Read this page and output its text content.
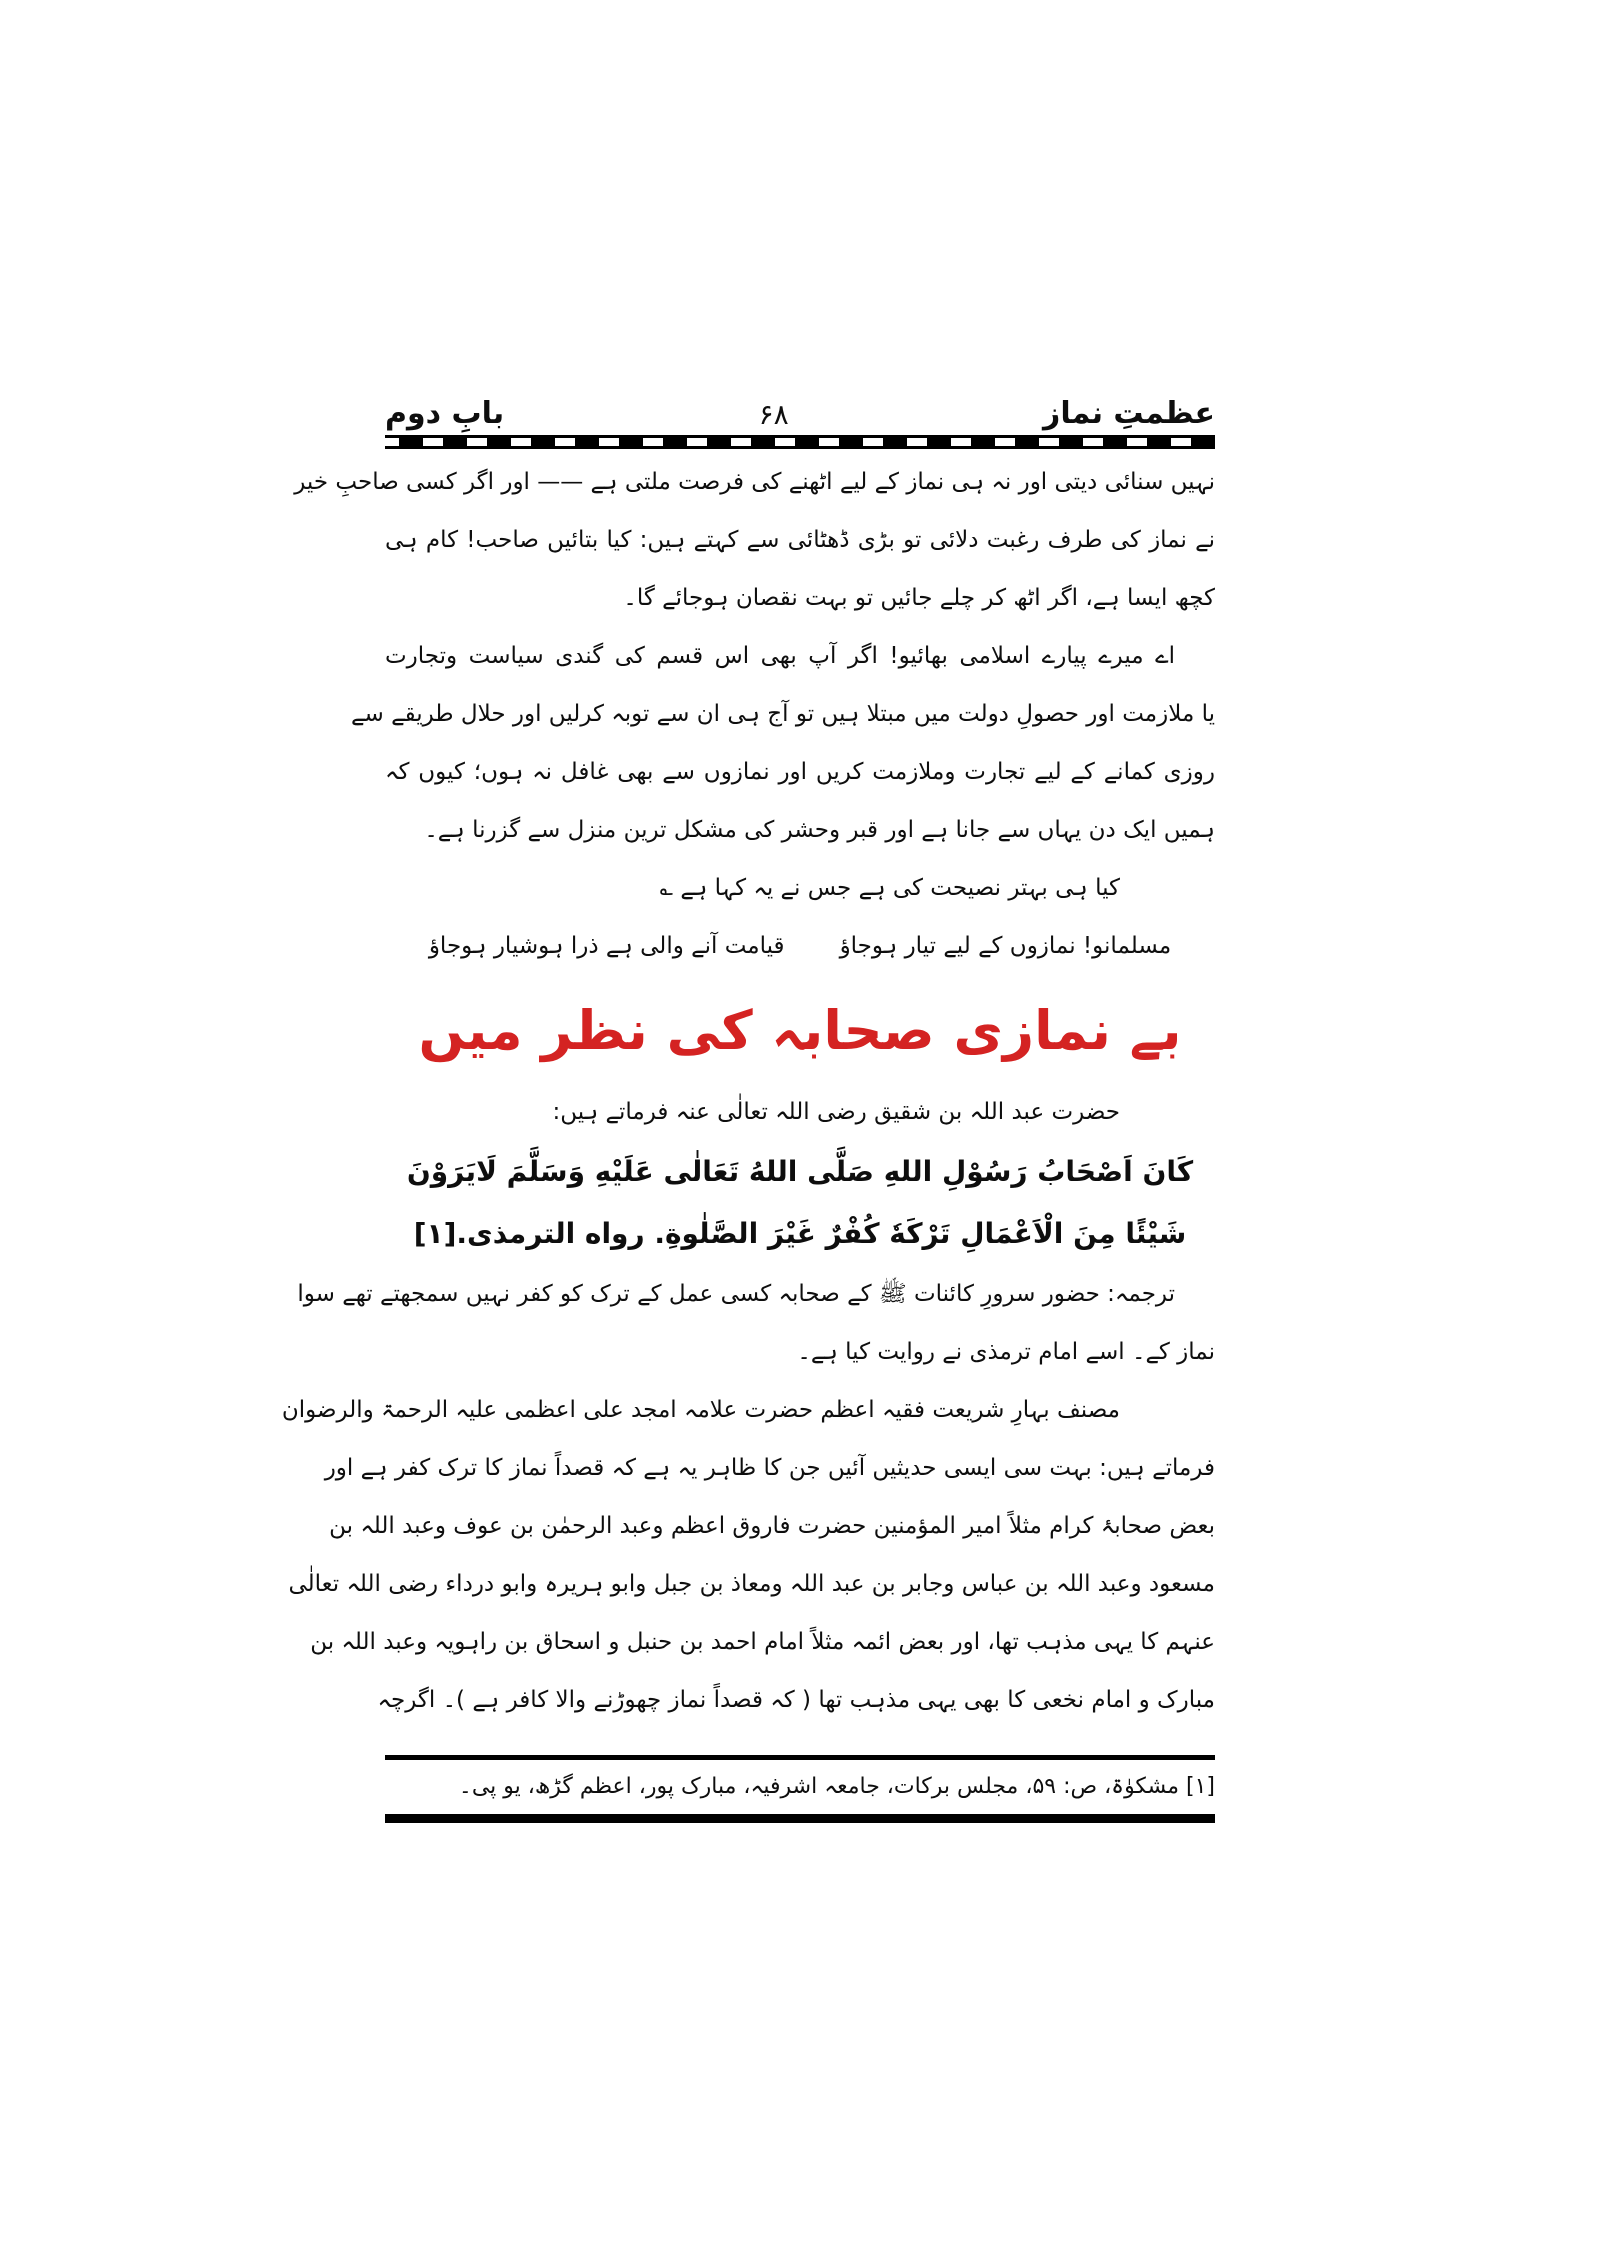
عظمتِ نماز
۶۸
بابِ دوم
نہیں سنائی دیتی اور نہ ہی نماز کے لیے اٹھنے کی فرصت ملتی ہے —— اور اگر کسی صاحبِ خیر
نے نماز کی طرف رغبت دلائی تو بڑی ڈھٹائی سے کہتے ہیں: کیا بتائیں صاحب! کام ہی
کچھ ایسا ہے، اگر اٹھ کر چلے جائیں تو بہت نقصان ہوجائے گا۔
اے میرے پیارے اسلامی بھائیو! اگر آپ بھی اس قسم کی گندی سیاست وتجارت
یا ملازمت اور حصولِ دولت میں مبتلا ہیں تو آج ہی ان سے توبہ کرلیں اور حلال طریقے سے
روزی کمانے کے لیے تجارت وملازمت کریں اور نمازوں سے بھی غافل نہ ہوں؛ کیوں کہ
ہمیں ایک دن یہاں سے جانا ہے اور قبر وحشر کی مشکل ترین منزل سے گزرنا ہے۔
کیا ہی بہتر نصیحت کی ہے جس نے یہ کہا ہے ؎
مسلمانو! نمازوں کے لیے تیار ہوجاؤ
قیامت آنے والی ہے ذرا ہوشیار ہوجاؤ
بے نمازی صحابہ کی نظر میں
حضرت عبد اللہ بن شقیق رضی اللہ تعالٰی عنہ فرماتے ہیں:
كَانَ اَصْحَابُ رَسُوْلِ اللهِ صَلَّى اللهُ تَعَالٰى عَلَيْهِ وَسَلَّمَ لَايَرَوْنَ
شَيْئًا مِنَ الْاَعْمَالِ تَرْكَهٗ كُفْرٌ غَيْرَ الصَّلٰوةِ. رواه الترمذى.[۱]
ترجمہ: حضور سرورِ کائنات ﷺ کے صحابہ کسی عمل کے ترک کو کفر نہیں سمجھتے تھے سوا
نماز کے۔ اسے امام ترمذی نے روایت کیا ہے۔
مصنف بہارِ شریعت فقیہ اعظم حضرت علامہ امجد علی اعظمی علیہ الرحمۃ والرضوان
فرماتے ہیں: بہت سی ایسی حدیثیں آئیں جن کا ظاہر یہ ہے کہ قصداً نماز کا ترک کفر ہے اور
بعض صحابۂ کرام مثلاً امیر المؤمنین حضرت فاروق اعظم وعبد الرحمٰن بن عوف وعبد اللہ بن
مسعود وعبد اللہ بن عباس وجابر بن عبد اللہ ومعاذ بن جبل وابو ہریرہ وابو درداء رضی اللہ تعالٰی
عنہم کا یہی مذہب تھا، اور بعض ائمہ مثلاً امام احمد بن حنبل و اسحاق بن راہویہ وعبد اللہ بن
مبارک و امام نخعی کا بھی یہی مذہب تھا ( کہ قصداً نماز چھوڑنے والا کافر ہے )۔ اگرچہ
[۱] مشکوٰۃ، ص: ۵۹، مجلس برکات، جامعہ اشرفیہ، مبارک پور، اعظم گڑھ، یو پی۔
